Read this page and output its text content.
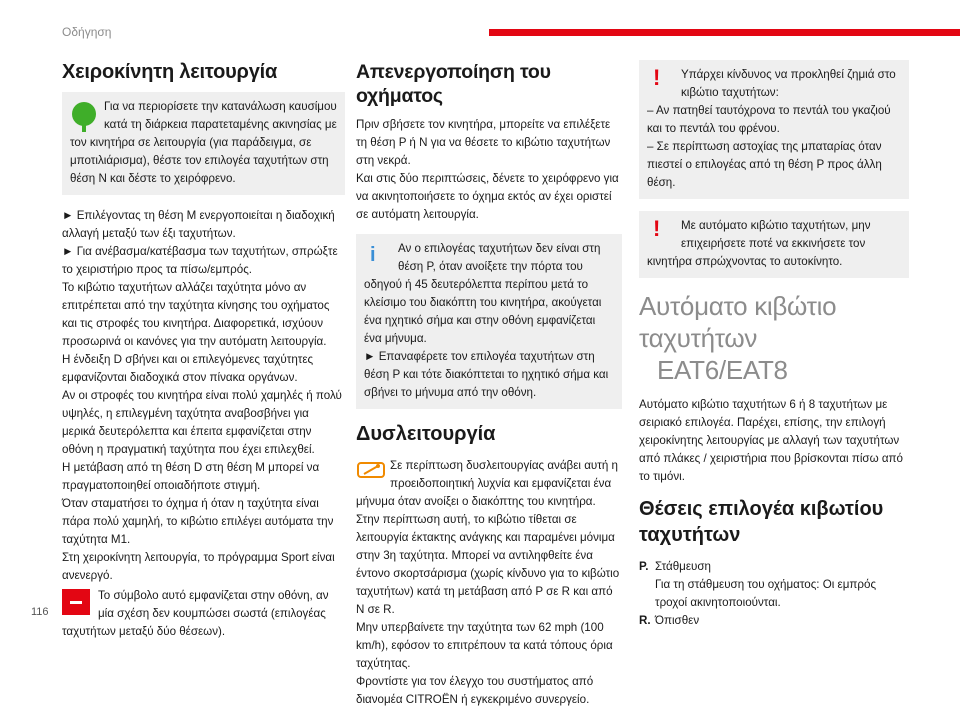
Οδήγηση
Χειροκίνητη λειτουργία

Για να περιορίσετε την κατανάλωση καυσίμου κατά τη διάρκεια παρατεταμένης ακινησίας με τον κινητήρα σε λειτουργία (για παράδειγμα, σε μποτιλιάρισμα), θέστε τον επιλογέα ταχυτήτων στη θέση N και δέστε το χειρόφρενο.

► Επιλέγοντας τη θέση M ενεργοποιείται η διαδοχική αλλαγή μεταξύ των έξι ταχυτήτων.

► Για ανέβασμα/κατέβασμα των ταχυτήτων, σπρώξτε το χειριστήριο προς τα πίσω/εμπρός.

Το κιβώτιο ταχυτήτων αλλάζει ταχύτητα μόνο αν επιτρέπεται από την ταχύτητα κίνησης του οχήματος και τις στροφές του κινητήρα. Διαφορετικά, ισχύουν προσωρινά οι κανόνες για την αυτόματη λειτουργία.

Η ένδειξη D σβήνει και οι επιλεγόμενες ταχύτητες εμφανίζονται διαδοχικά στον πίνακα οργάνων.

Αν οι στροφές του κινητήρα είναι πολύ χαμηλές ή πολύ υψηλές, η επιλεγμένη ταχύτητα αναβοσβήνει για μερικά δευτερόλεπτα και έπειτα εμφανίζεται στην οθόνη η πραγματική ταχύτητα που έχει επιλεχθεί.

Η μετάβαση από τη θέση D στη θέση M μπορεί να πραγματοποιηθεί οποιαδήποτε στιγμή.

Όταν σταματήσει το όχημα ή όταν η ταχύτητα είναι πάρα πολύ χαμηλή, το κιβώτιο επιλέγει αυτόματα την ταχύτητα M1.

Στη χειροκίνητη λειτουργία, το πρόγραμμα Sport είναι ανενεργό.

Το σύμβολο αυτό εμφανίζεται στην οθόνη, αν μία σχέση δεν κουμπώσει σωστά (επιλογέας ταχυτήτων μεταξύ δύο θέσεων).

Απενεργοποίηση του οχήματος

Πριν σβήσετε τον κινητήρα, μπορείτε να επιλέξετε τη θέση P ή N για να θέσετε το κιβώτιο ταχυτήτων στη νεκρά.

Και στις δύο περιπτώσεις, δένετε το χειρόφρενο για να ακινητοποιήσετε το όχημα εκτός αν έχει οριστεί σε αυτόματη λειτουργία.

i	Αν ο επιλογέας ταχυτήτων δεν είναι στη θέση P, όταν ανοίξετε την πόρτα του οδηγού ή 45 δευτερόλεπτα περίπου μετά το κλείσιμο του διακόπτη του κινητήρα, ακούγεται ένα ηχητικό σήμα και στην οθόνη εμφανίζεται ένα μήνυμα.

► Επαναφέρετε τον επιλογέα ταχυτήτων στη θέση P και τότε διακόπτεται το ηχητικό σήμα και σβήνει το μήνυμα από την οθόνη.

Δυσλειτουργία

Σε περίπτωση δυσλειτουργίας ανάβει αυτή η προειδοποιητική λυχνία και εμφανίζεται ένα μήνυμα όταν ανοίξει ο διακόπτης του κινητήρα.

Στην περίπτωση αυτή, το κιβώτιο τίθεται σε λειτουργία έκτακτης ανάγκης και παραμένει μόνιμα στην 3η ταχύτητα. Μπορεί να αντιληφθείτε ένα έντονο σκορτσάρισμα (χωρίς κίνδυνο για το κιβώτιο ταχυτήτων) κατά τη μετάβαση από P σε R και από N σε R.

Μην υπερβαίνετε την ταχύτητα των 62 mph (100 km/h), εφόσον το επιτρέπουν τα κατά τόπους όρια ταχύτητας.

Φροντίστε για τον έλεγχο του συστήματος από διανομέα CITROËN ή εγκεκριμένο συνεργείο.

!	Υπάρχει κίνδυνος να προκληθεί ζημιά στο κιβώτιο ταχυτήτων:

– Αν πατηθεί ταυτόχρονα το πεντάλ του γκαζιού και το πεντάλ του φρένου.

– Σε περίπτωση αστοχίας της μπαταρίας όταν πιεστεί ο επιλογέας από τη θέση P προς άλλη θέση.

!	Με αυτόματο κιβώτιο ταχυτήτων, μην επιχειρήσετε ποτέ να εκκινήσετε τον κινητήρα σπρώχνοντας το αυτοκίνητο.

Αυτόματο κιβώτιο ταχυτήτων
EAT6/EAT8

Αυτόματο κιβώτιο ταχυτήτων 6 ή 8 ταχυτήτων με σειριακό επιλογέα. Παρέχει, επίσης, την επιλογή χειροκίνητης λειτουργίας με αλλαγή των ταχυτήτων από πλάκες / χειριστήρια που βρίσκονται πίσω από το τιμόνι.

Θέσεις επιλογέα κιβωτίου ταχυτήτων
P. Στάθμευση
Για τη στάθμευση του οχήματος: Οι εμπρός τροχοί ακινητοποιούνται.
R. Όπισθεν
116
